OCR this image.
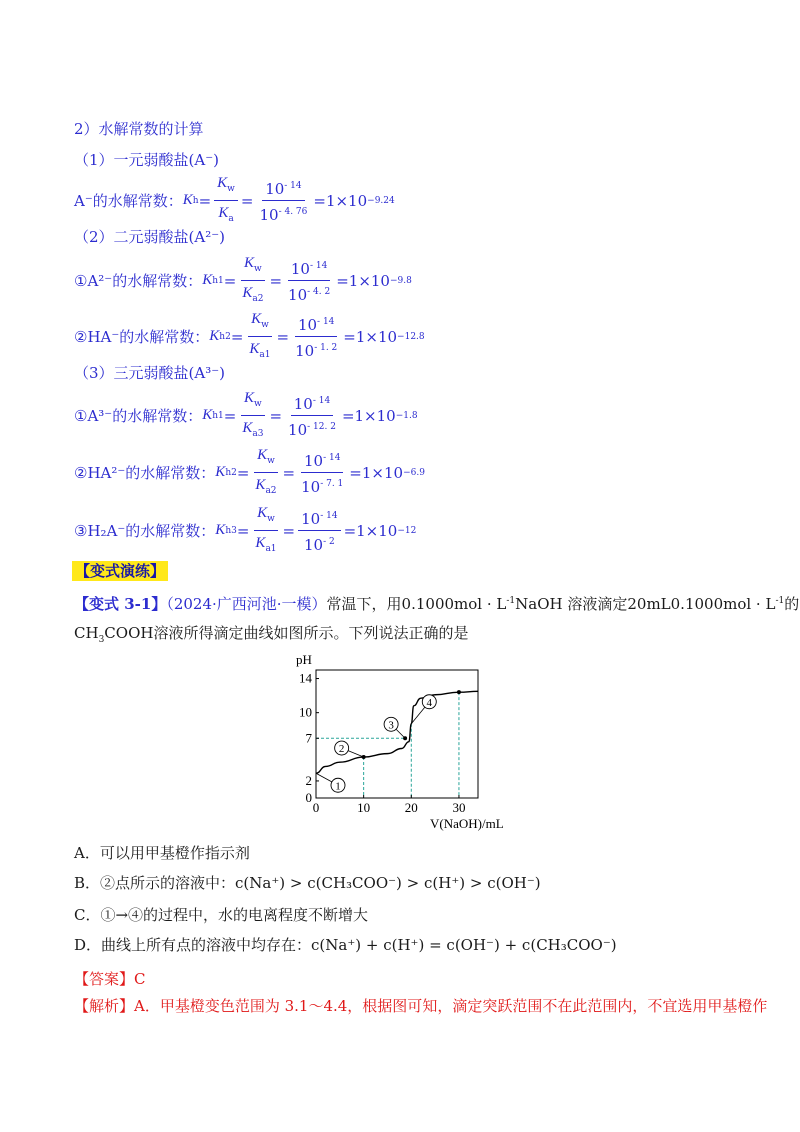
2）水解常数的计算
（1）一元弱酸盐(A⁻)
A⁻的水解常数： K $h = \frac{K_w}{K_a} = \frac{10^{- 14}}{10^{- 4. 76}} =1\times 10 -9.24$
（2）二元弱酸盐(A²⁻)
①A²⁻的水解常数： K $h1 = \frac{K_w}{K_{a2}} = \frac{10^{- 14}}{10^{- 4. 2}} =1\times 10 -9.8$
②HA⁻的水解常数： K $h2 = \frac{K_w}{K_{a1}} = \frac{10^{- 14}}{10^{- 1. 2}} =1\times 10 -12.8$
（3）三元弱酸盐(A³⁻)
①A³⁻的水解常数： K $h1 = \frac{K_w}{K_{a3}} = \frac{10^{- 14}}{10^{- 12. 2}} =1\times 10 -1.8$
②HA²⁻的水解常数： K $h2 = \frac{K_w}{K_{a2}} = \frac{10^{- 14}}{10^{- 7. 1}} =1\times 10 -6.9$
③H₂A⁻的水解常数： K $h3 = \frac{K_w}{K_{a1}} = \frac{10^{- 14}}{10^{- 2}} =1\times 10 -12$
【变式演练】
【变式 3-1】（2024·广西河池·一模）常温下，用$0.1000mol \cdot L^{-1}NaOH$ 溶液滴定$20mL0.1000mol \cdot L^{-1}$的
$CH_3COOH$溶液所得滴定曲线如图所示。下列说法正确的是
0	10	20	30
0
2
7
10
14
pH
V(NaOH)/mL
1
2
3
4
A．可以用甲基橙作指示剂
B．②点所示的溶液中：c(Na⁺) > c(CH₃COO⁻) > c(H⁺) > c(OH⁻)
C．①→④的过程中，水的电离程度不断增大
D．曲线上所有点的溶液中均存在：c(Na⁺) + c(H⁺) = c(OH⁻) + c(CH₃COO⁻)
【答案】C
【解析】A．甲基橙变色范围为 3.1～4.4，根据图可知，滴定突跃范围不在此范围内，不宜选用甲基橙作
